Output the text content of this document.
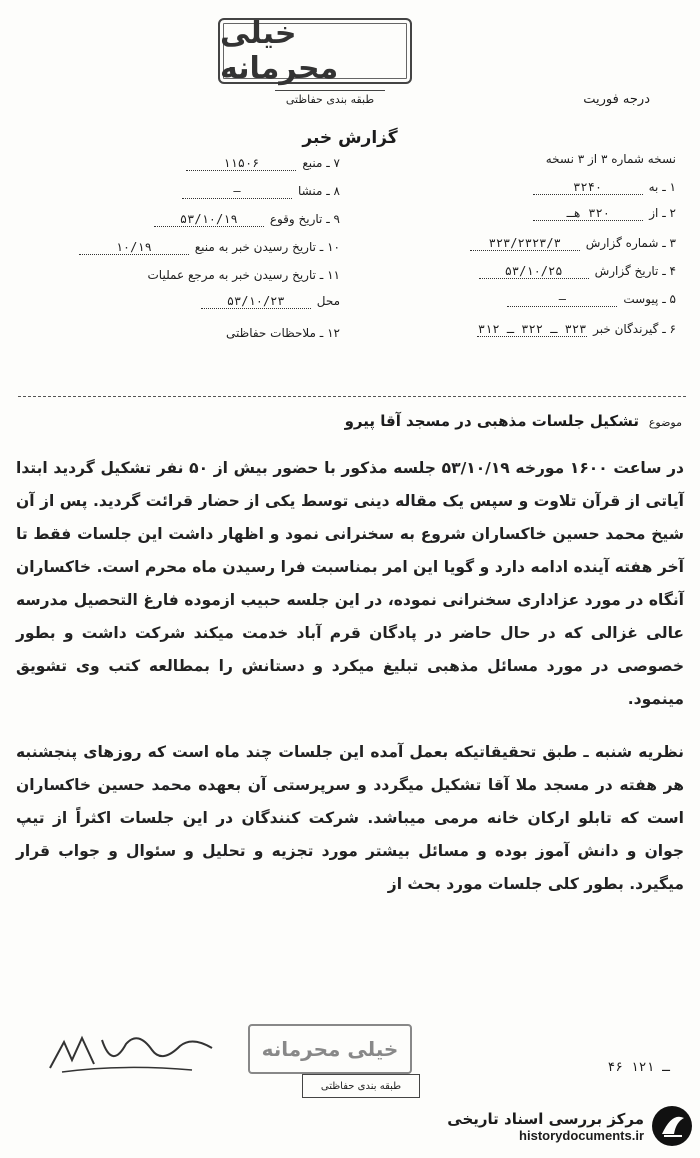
خیلی محرمانه
طبقه بندی حفاظتی	درجه فوریت
گزارش خبر
نسخه شماره ۳ از ۳ نسخه
۱ ـ به۳۲۴۰
۲ ـ از۳۲۰ هـ
۳ ـ شماره گزارش۳۲۳/۲۳۲۳/۳
۴ ـ تاریخ گزارش۵۳/۱۰/۲۵
۵ ـ پیوست—
۶ ـ گیرندگان خبر۳۲۳ ـ ۳۲۲ ـ ۳۱۲
۷ ـ منبع۱۱۵۰۶
۸ ـ منشا—
۹ ـ تاریخ وقوع۵۳/۱۰/۱۹
۱۰ ـ تاریخ رسیدن خبر به منبع۱۰/۱۹
۱۱ ـ تاریخ رسیدن خبر به مرجع عملیات
محل۵۳/۱۰/۲۳
۱۲ ـ ملاحظات حفاظتی
موضوع تشکیل جلسات مذهبی در مسجد آقا پیرو

در ساعت ۱۶۰۰ مورخه ۵۳/۱۰/۱۹ جلسه مذکور با حضور بیش از ۵۰ نفر تشکیل گردید ابتدا آیاتی از قرآن تلاوت و سپس یک مقاله دینی توسط یکی از حضار قرائت گردید. پس از آن شیخ محمد حسین خاکساران شروع به سخنرانی نمود و اظهار داشت این جلسات فقط تا آخر هفته آینده ادامه دارد و گویا این امر بمناسبت فرا رسیدن ماه محرم است. خاکساران آنگاه در مورد عزاداری سخنرانی نموده، در این جلسه حبیب ازموده فارغ التحصیل مدرسه عالی غزالی که در حال حاضر در پادگان قرم آباد خدمت میکند شرکت داشت و بطور خصوصی در مورد مسائل مذهبی تبلیغ میکرد و دستانش را بمطالعه کتب وی تشویق مینمود.

نظریه شنبه ـ طبق تحقیقاتیکه بعمل آمده این جلسات چند ماه است که روزهای پنجشنبه هر هفته در مسجد ملا آقا تشکیل میگردد و سرپرستی آن بعهده محمد حسین خاکساران است که تابلو ارکان خانه مرمی میباشد. شرکت کنندگان در این جلسات اکثراً از تیپ جوان و دانش آموز بوده و مسائل بیشتر مورد تجزیه و تحلیل و سئوال و جواب قرار میگیرد. بطور کلی جلسات مورد بحث از

خیلی محرمانه
طبقه بندی حفاظتی
۴۶ ـ ۱۲۱
مرکز بررسی اسناد تاریخی
historydocuments.ir
